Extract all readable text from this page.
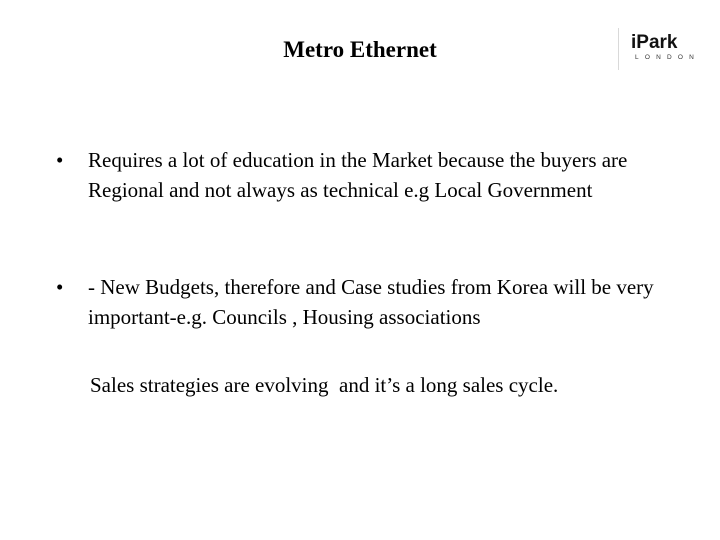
Metro Ethernet	iPark
LONDON
• Requires a lot of education in the Market because the buyers are Regional and not always as technical e.g Local Government
• - New Budgets, therefore and Case studies from Korea will be very important-e.g. Councils , Housing associations
Sales strategies are evolving  and it’s a long sales cycle.
